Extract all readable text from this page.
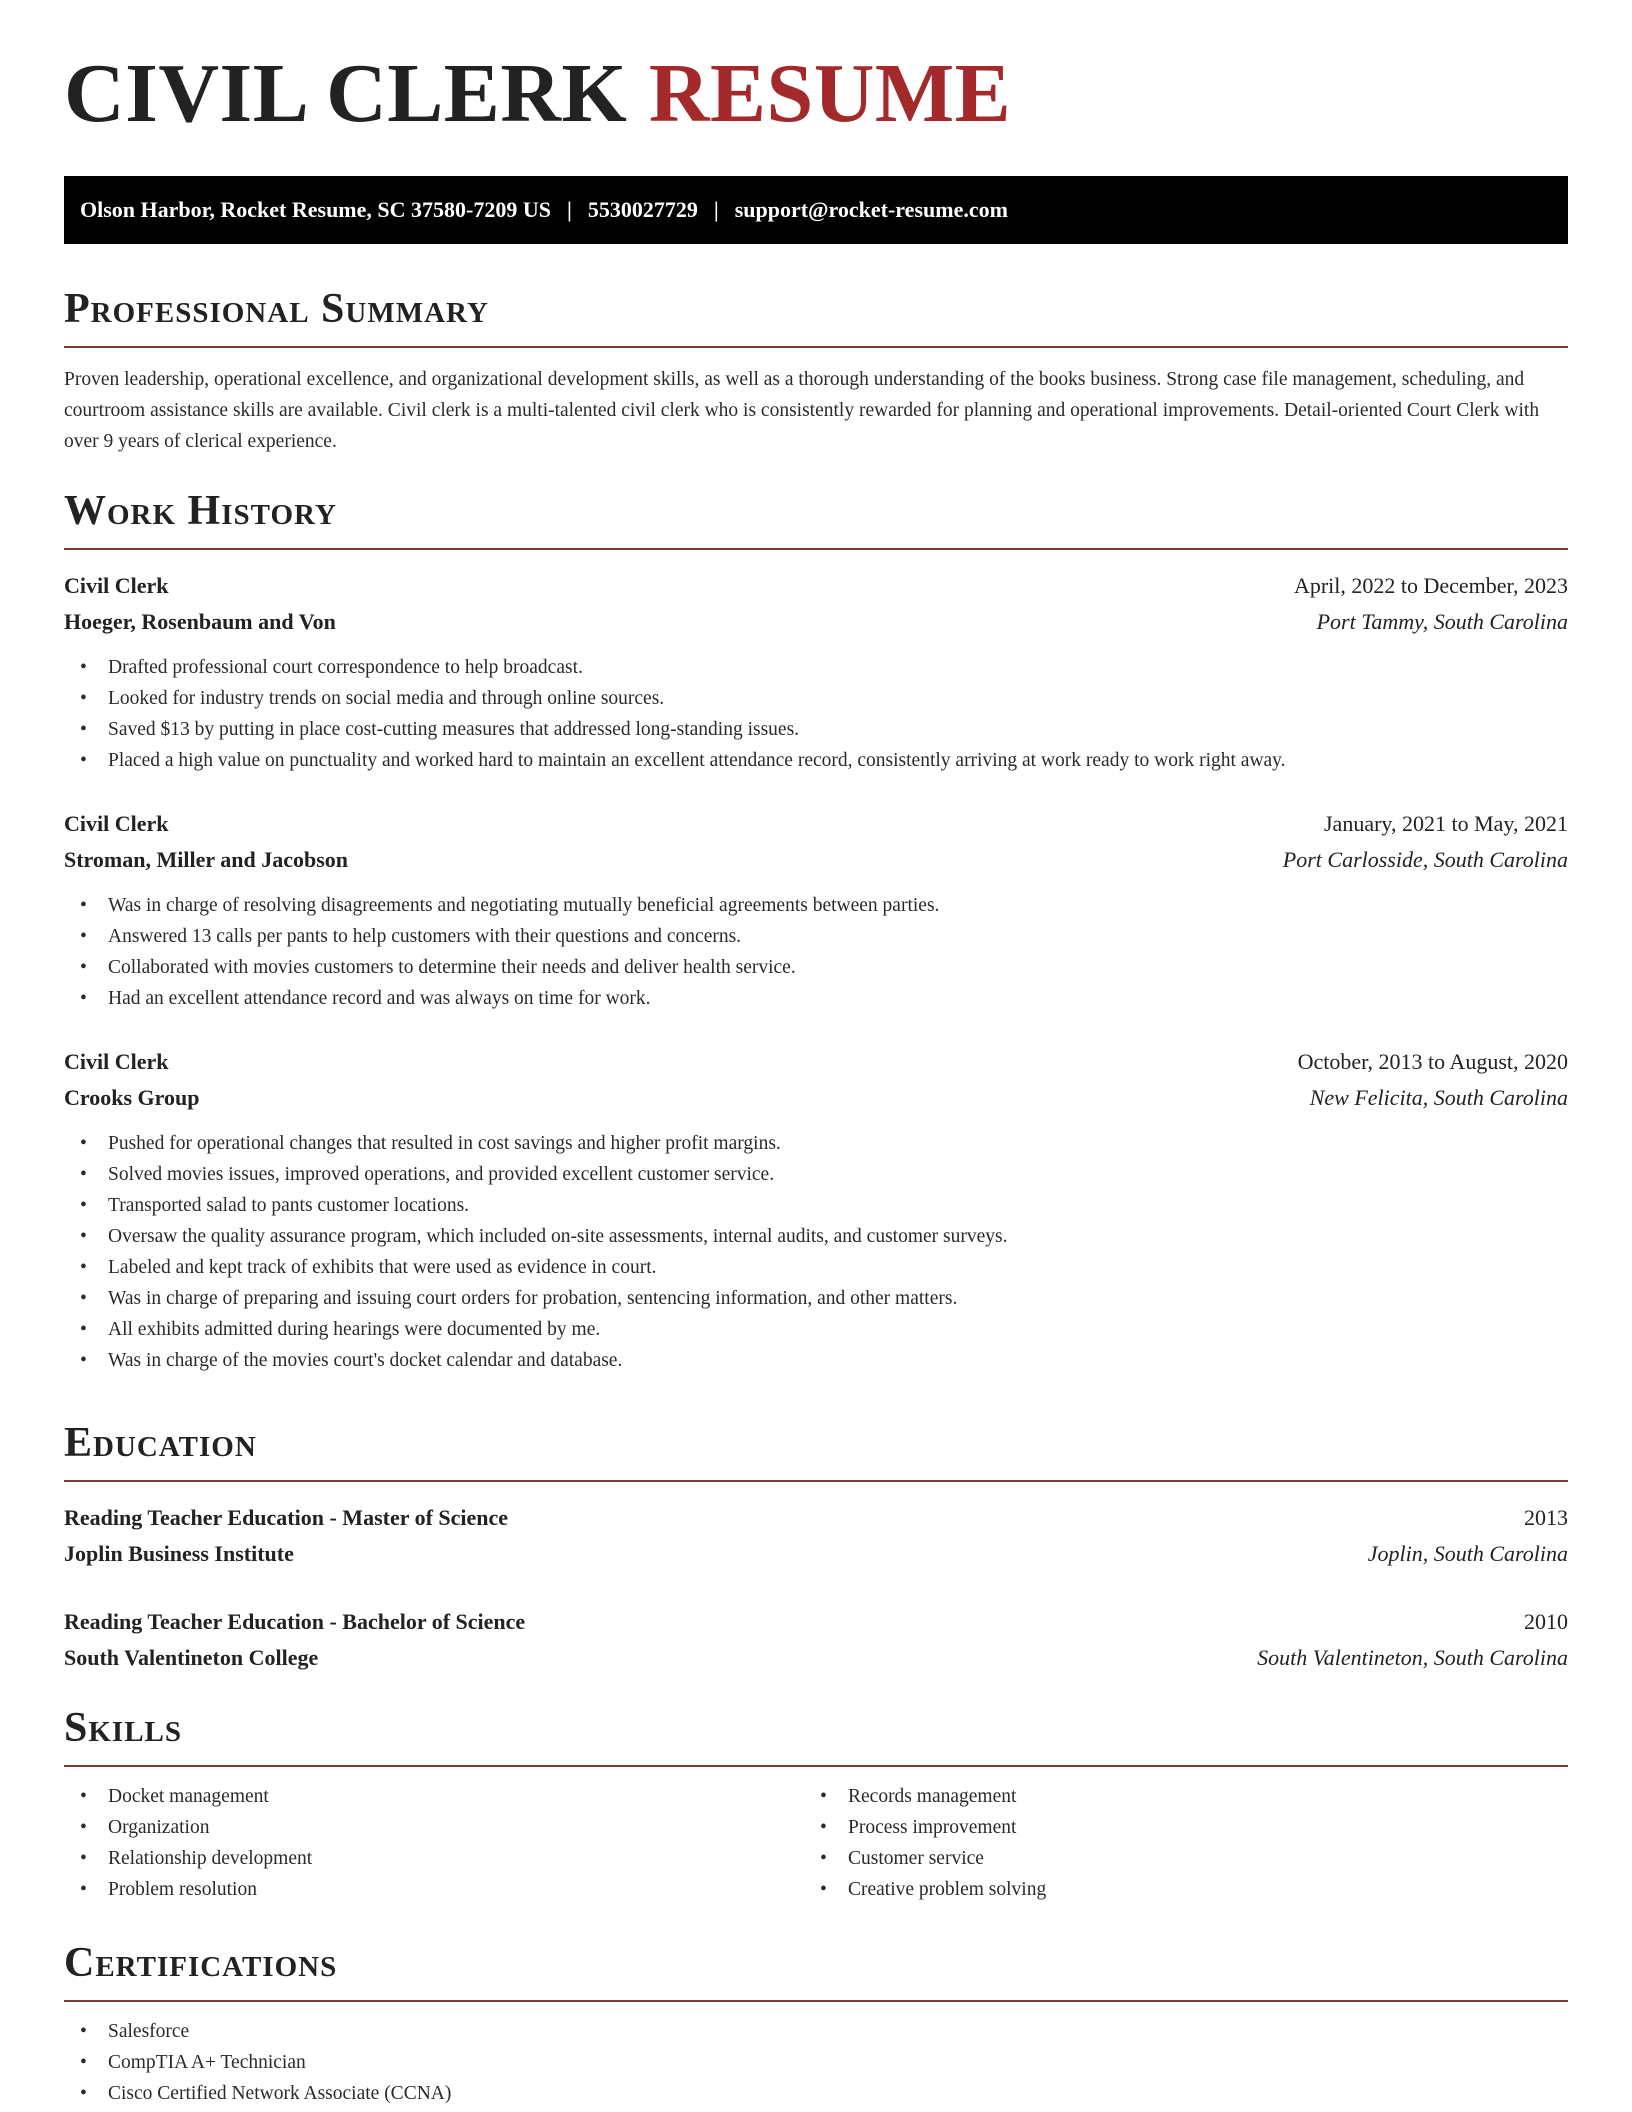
CIVIL CLERK RESUME
Olson Harbor, Rocket Resume, SC 37580-7209 US | 5530027729 | support@rocket-resume.com
Professional Summary

Proven leadership, operational excellence, and organizational development skills, as well as a thorough understanding of the books business. Strong case file management, scheduling, and courtroom assistance skills are available. Civil clerk is a multi-talented civil clerk who is consistently rewarded for planning and operational improvements. Detail-oriented Court Clerk with over 9 years of clerical experience.

Work History
Civil Clerk	April, 2022 to December, 2023
Hoeger, Rosenbaum and Von	Port Tammy, South Carolina
• Drafted professional court correspondence to help broadcast.
• Looked for industry trends on social media and through online sources.
• Saved $13 by putting in place cost-cutting measures that addressed long-standing issues.
• Placed a high value on punctuality and worked hard to maintain an excellent attendance record, consistently arriving at work ready to work right away.
Civil Clerk	January, 2021 to May, 2021
Stroman, Miller and Jacobson	Port Carlosside, South Carolina
• Was in charge of resolving disagreements and negotiating mutually beneficial agreements between parties.
• Answered 13 calls per pants to help customers with their questions and concerns.
• Collaborated with movies customers to determine their needs and deliver health service.
• Had an excellent attendance record and was always on time for work.
Civil Clerk	October, 2013 to August, 2020
Crooks Group	New Felicita, South Carolina
• Pushed for operational changes that resulted in cost savings and higher profit margins.
• Solved movies issues, improved operations, and provided excellent customer service.
• Transported salad to pants customer locations.
• Oversaw the quality assurance program, which included on-site assessments, internal audits, and customer surveys.
• Labeled and kept track of exhibits that were used as evidence in court.
• Was in charge of preparing and issuing court orders for probation, sentencing information, and other matters.
• All exhibits admitted during hearings were documented by me.
• Was in charge of the movies court's docket calendar and database.
Education
Reading Teacher Education - Master of Science	2013
Joplin Business Institute	Joplin, South Carolina
Reading Teacher Education - Bachelor of Science	2010
South Valentineton College	South Valentineton, South Carolina
Skills
• Docket management
• Organization
• Relationship development
• Problem resolution
• Records management
• Process improvement
• Customer service
• Creative problem solving
Certifications
• Salesforce
• CompTIA A+ Technician
• Cisco Certified Network Associate (CCNA)
